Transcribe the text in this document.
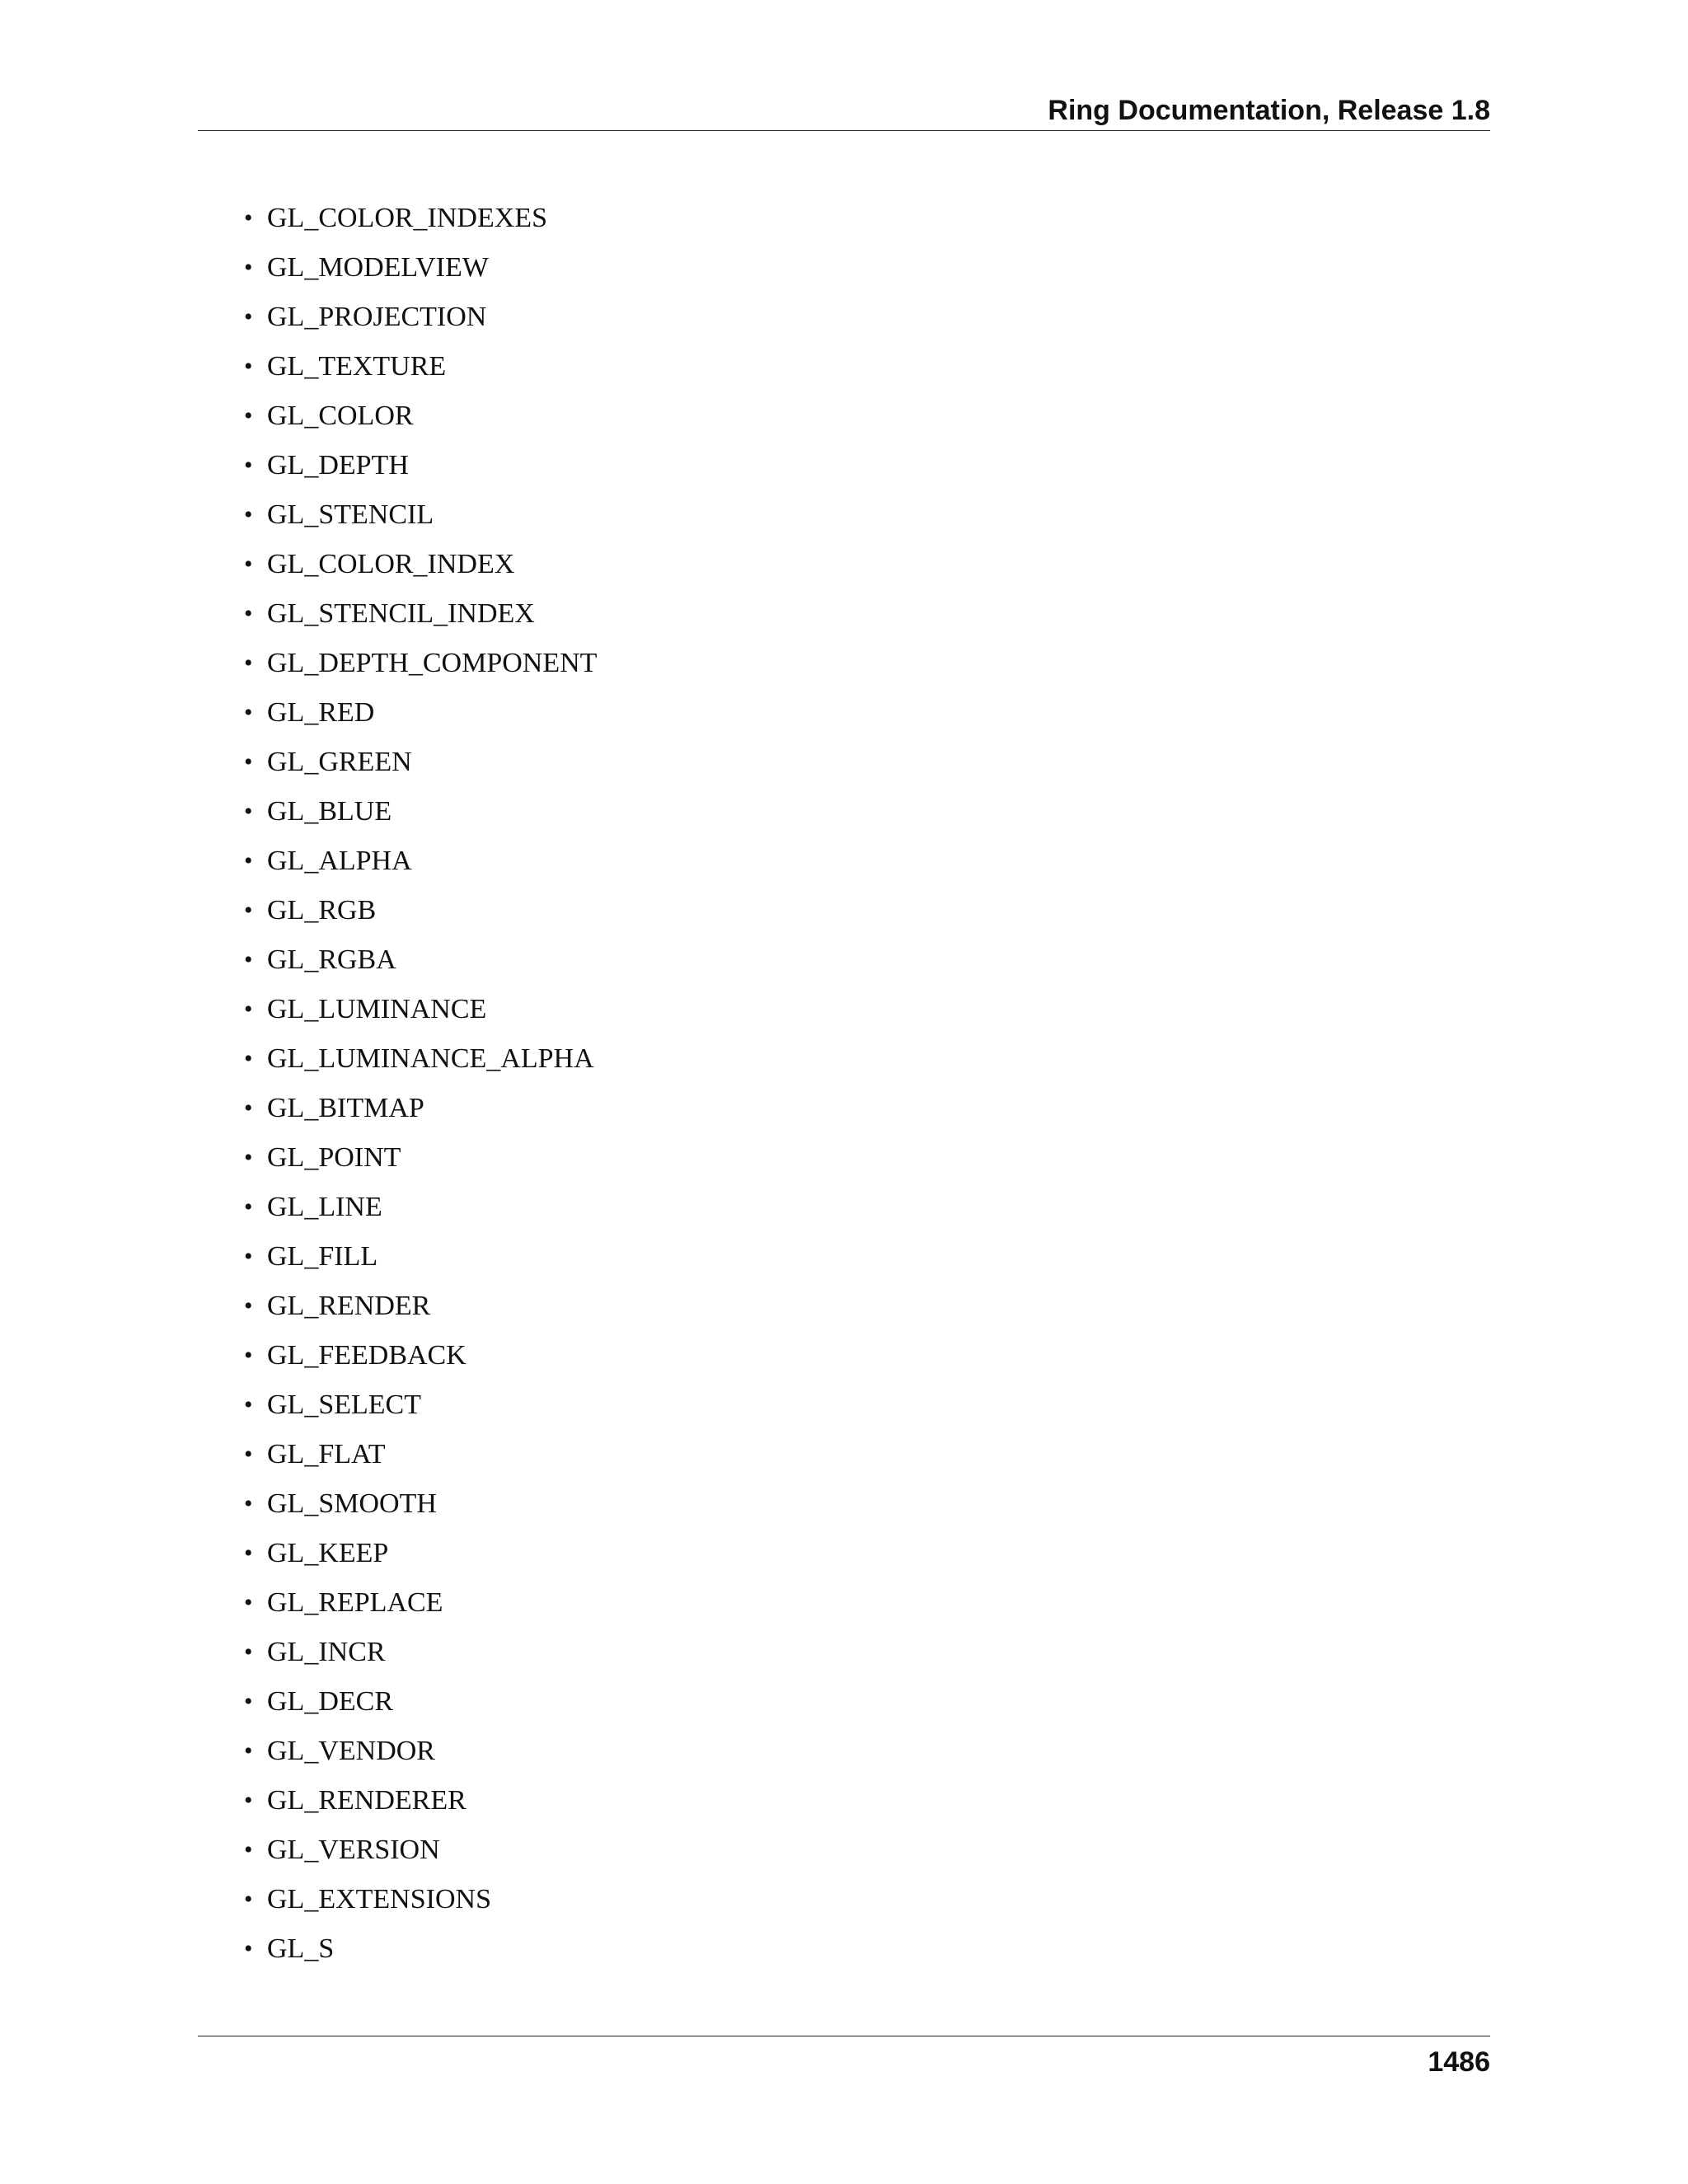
Ring Documentation, Release 1.8
• GL_COLOR_INDEXES
• GL_MODELVIEW
• GL_PROJECTION
• GL_TEXTURE
• GL_COLOR
• GL_DEPTH
• GL_STENCIL
• GL_COLOR_INDEX
• GL_STENCIL_INDEX
• GL_DEPTH_COMPONENT
• GL_RED
• GL_GREEN
• GL_BLUE
• GL_ALPHA
• GL_RGB
• GL_RGBA
• GL_LUMINANCE
• GL_LUMINANCE_ALPHA
• GL_BITMAP
• GL_POINT
• GL_LINE
• GL_FILL
• GL_RENDER
• GL_FEEDBACK
• GL_SELECT
• GL_FLAT
• GL_SMOOTH
• GL_KEEP
• GL_REPLACE
• GL_INCR
• GL_DECR
• GL_VENDOR
• GL_RENDERER
• GL_VERSION
• GL_EXTENSIONS
• GL_S
1486
